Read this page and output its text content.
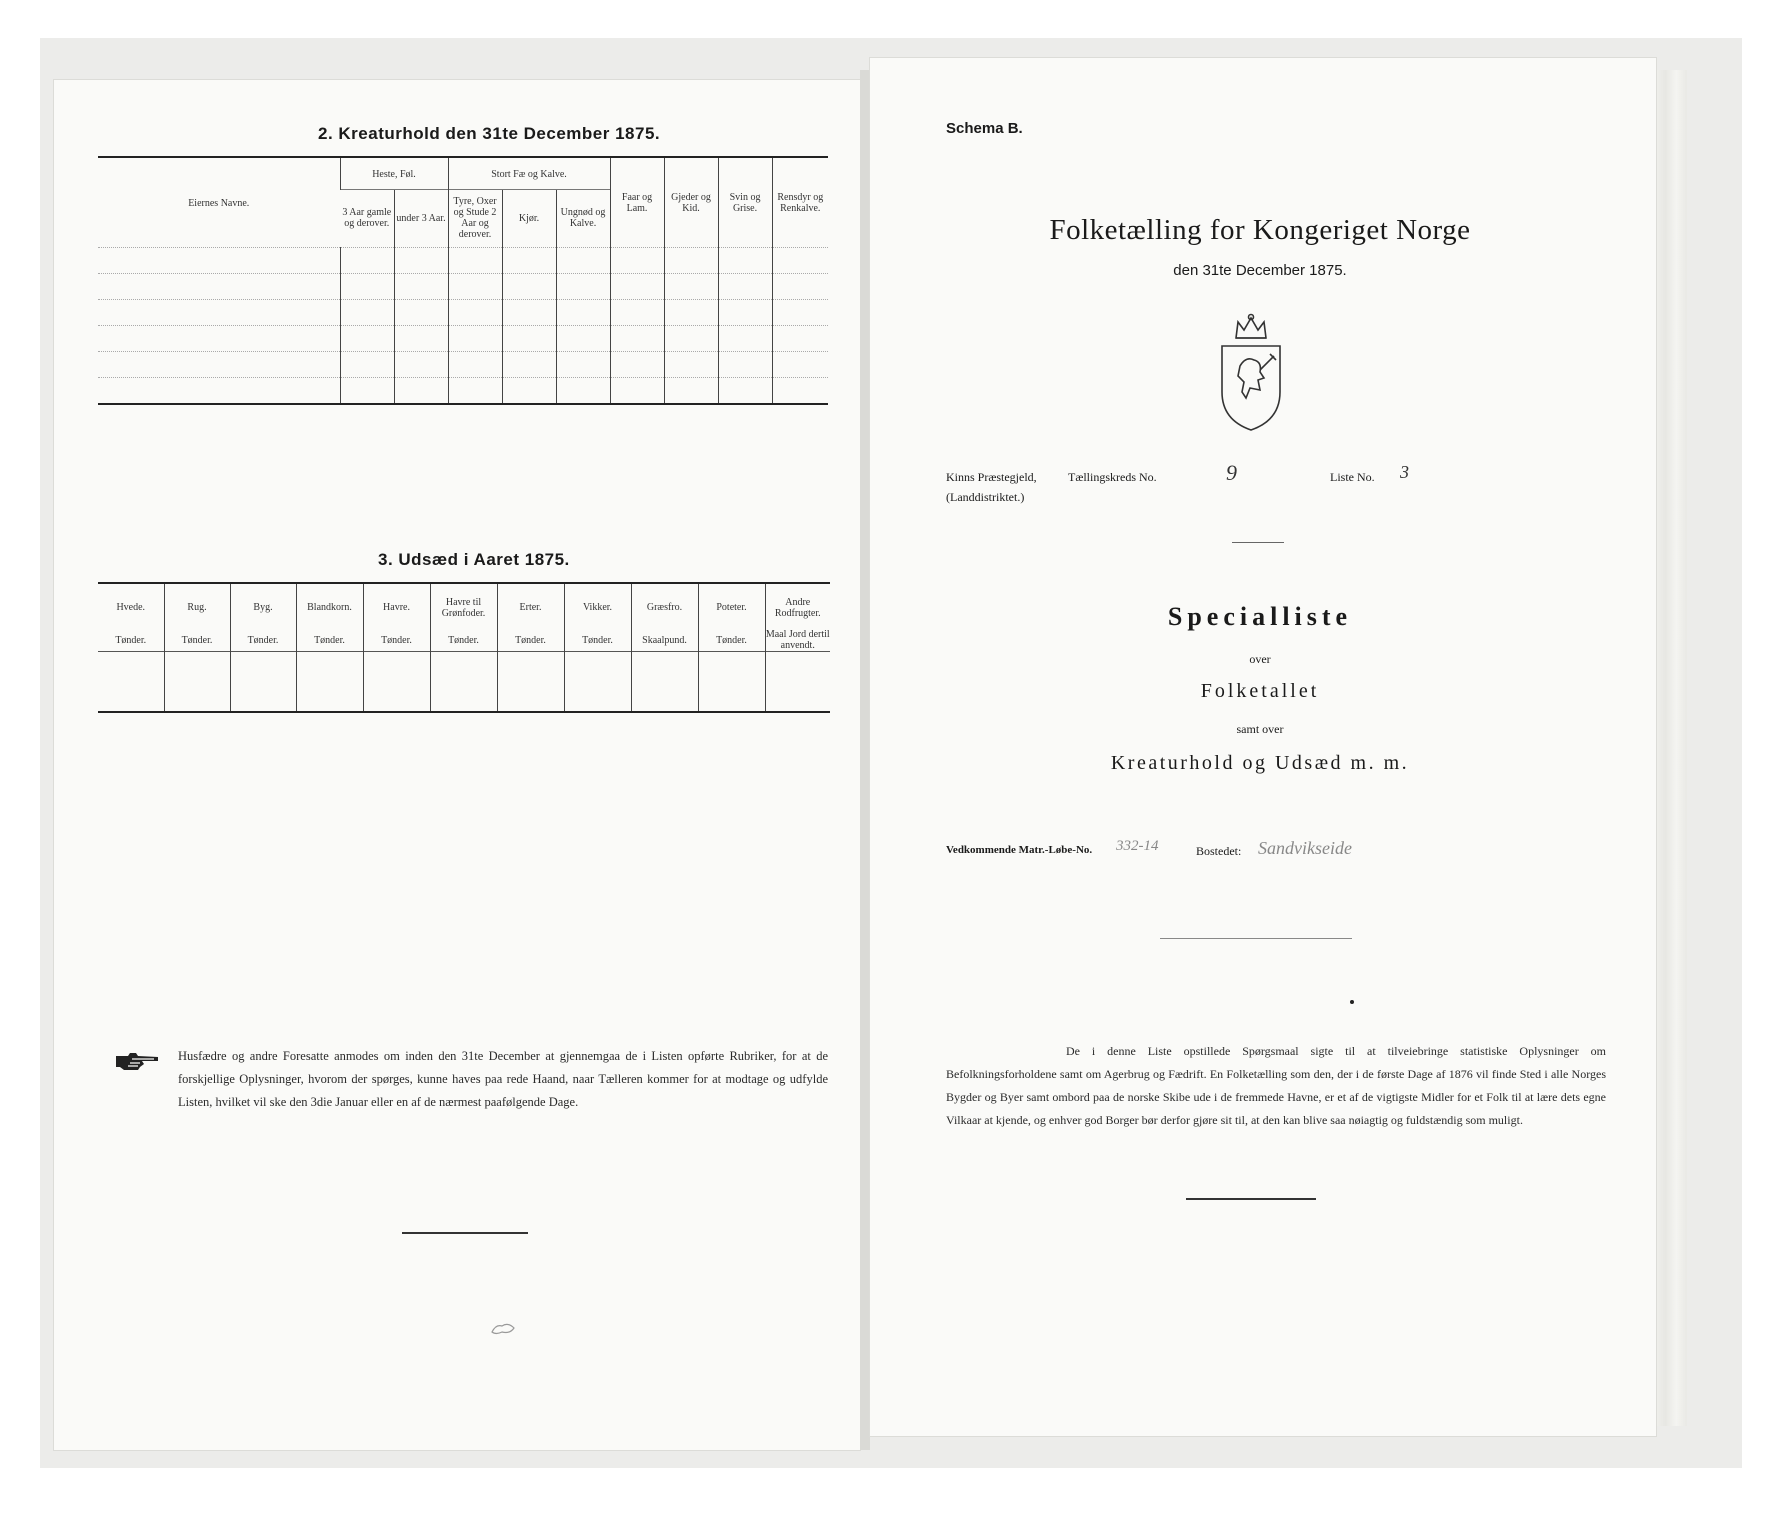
2. Kreaturhold den 31te December 1875.
Eiernes Navne.	Heste, Føl.		Stort Fæ og Kalve.			Faar og Lam.	Gjeder og Kid.	Svin og Grise.	Rensdyr og Renkalve.
	3 Aar gamle og derover.	under 3 Aar.	Tyre, Oxer og Stude 2 Aar og derover.	Kjør.	Ungnød og Kalve.				

3. Udsæd i Aaret 1875.
Hvede.	Rug.	Byg.	Blandkorn.	Havre.	Havre til Grønfoder.	Erter.	Vikker.	Græsfro.	Poteter.	Andre Rodfrugter.
Tønder.	Tønder.	Tønder.	Tønder.	Tønder.	Tønder.	Tønder.	Tønder.	Skaalpund.	Tønder.	Maal Jord dertil anvendt.

Husfædre og andre Foresatte anmodes om inden den 31te December at gjennemgaa de i Listen opførte Rubriker, for at de forskjellige Oplysninger, hvorom der spørges, kunne haves paa rede Haand, naar Tælleren kommer for at modtage og udfylde Listen, hvilket vil ske den 3die Januar eller en af de nærmest paafølgende Dage.
Schema B.
Folketælling for Kongeriget Norge
den 31te December 1875.
Kinns Præstegjeld,	Tællingskreds No.	9	Liste No. 3
(Landdistriktet.)
Specialliste
over
Folketallet
samt over
Kreaturhold og Udsæd m. m.
Vedkommende Matr.-Løbe-No. 332-14	Bostedet: Sandvikseide
De i denne Liste opstillede Spørgsmaal sigte til at tilveiebringe statistiske Oplysninger om Befolkningsforholdene samt om Agerbrug og Fædrift. En Folketælling som den, der i de første Dage af 1876 vil finde Sted i alle Norges Bygder og Byer samt ombord paa de norske Skibe ude i de fremmede Havne, er et af de vigtigste Midler for et Folk til at lære dets egne Vilkaar at kjende, og enhver god Borger bør derfor gjøre sit til, at den kan blive saa nøiagtig og fuldstændig som muligt.
